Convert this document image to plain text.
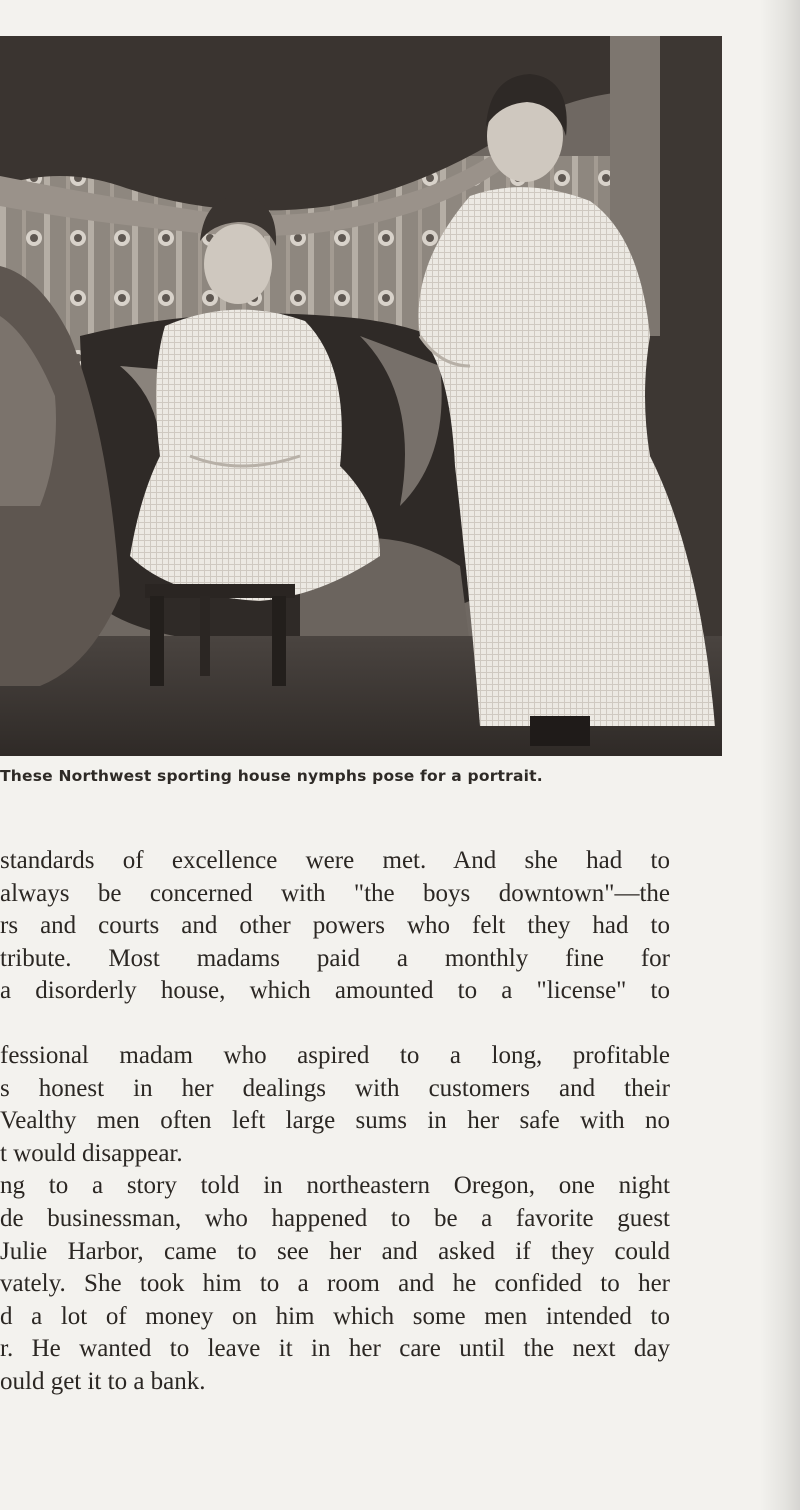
These Northwest sporting house nymphs pose for a portrait.
standards of excellence were met. And she had to
always be concerned with "the boys downtown"—the
rs and courts and other powers who felt they had to
tribute. Most madams paid a monthly fine for
a disorderly house, which amounted to a "license" to
fessional madam who aspired to a long, profitable
s honest in her dealings with customers and their
Vealthy men often left large sums in her safe with no
t would disappear.
ng to a story told in northeastern Oregon, one night
de businessman, who happened to be a favorite guest
Julie Harbor, came to see her and asked if they could
vately. She took him to a room and he confided to her
d a lot of money on him which some men intended to
r. He wanted to leave it in her care until the next day
ould get it to a bank.
